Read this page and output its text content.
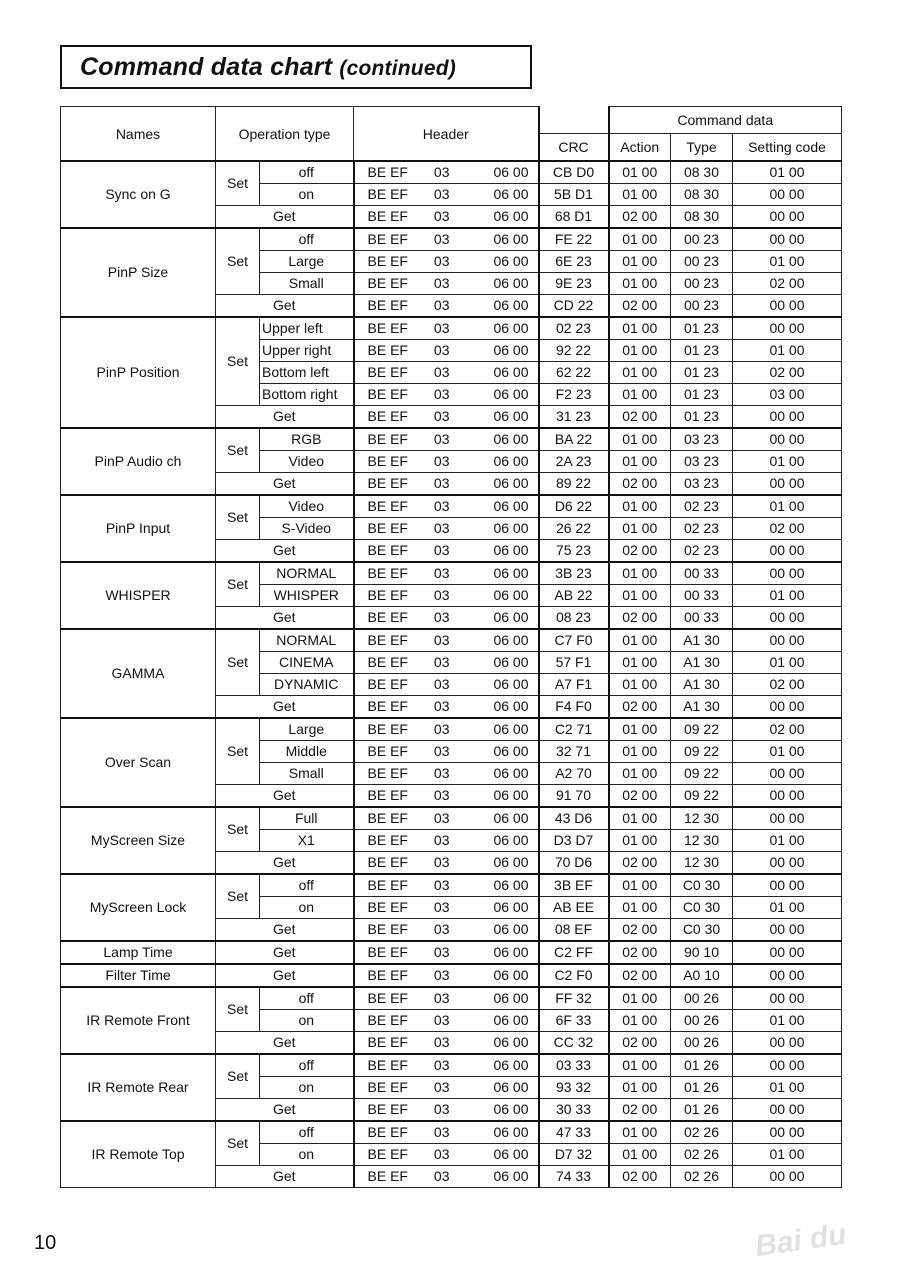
Command data chart (continued)
Names	Operation type		Header		Command data		
				CRC	Action	Type	Setting code
Sync on G	Set	off	BE EF 03 06 00	CB D0	01 00	08 30	01 00
		on	BE EF 03 06 00	5B D1	01 00	08 30	00 00
	Get		BE EF 03 06 00	68 D1	02 00	08 30	00 00
PinP Size	Set	off	BE EF 03 06 00	FE 22	01 00	00 23	00 00
		Large	BE EF 03 06 00	6E 23	01 00	00 23	01 00
		Small	BE EF 03 06 00	9E 23	01 00	00 23	02 00
	Get		BE EF 03 06 00	CD 22	02 00	00 23	00 00
PinP Position	Set	Upper left	BE EF 03 06 00	02 23	01 00	01 23	00 00
		Upper right	BE EF 03 06 00	92 22	01 00	01 23	01 00
		Bottom left	BE EF 03 06 00	62 22	01 00	01 23	02 00
		Bottom right	BE EF 03 06 00	F2 23	01 00	01 23	03 00
	Get		BE EF 03 06 00	31 23	02 00	01 23	00 00
PinP Audio ch	Set	RGB	BE EF 03 06 00	BA 22	01 00	03 23	00 00
		Video	BE EF 03 06 00	2A 23	01 00	03 23	01 00
	Get		BE EF 03 06 00	89 22	02 00	03 23	00 00
PinP Input	Set	Video	BE EF 03 06 00	D6 22	01 00	02 23	01 00
		S-Video	BE EF 03 06 00	26 22	01 00	02 23	02 00
	Get		BE EF 03 06 00	75 23	02 00	02 23	00 00
WHISPER	Set	NORMAL	BE EF 03 06 00	3B 23	01 00	00 33	00 00
		WHISPER	BE EF 03 06 00	AB 22	01 00	00 33	01 00
	Get		BE EF 03 06 00	08 23	02 00	00 33	00 00
GAMMA	Set	NORMAL	BE EF 03 06 00	C7 F0	01 00	A1 30	00 00
		CINEMA	BE EF 03 06 00	57 F1	01 00	A1 30	01 00
		DYNAMIC	BE EF 03 06 00	A7 F1	01 00	A1 30	02 00
	Get		BE EF 03 06 00	F4 F0	02 00	A1 30	00 00
Over Scan	Set	Large	BE EF 03 06 00	C2 71	01 00	09 22	02 00
		Middle	BE EF 03 06 00	32 71	01 00	09 22	01 00
		Small	BE EF 03 06 00	A2 70	01 00	09 22	00 00
	Get		BE EF 03 06 00	91 70	02 00	09 22	00 00
MyScreen Size	Set	Full	BE EF 03 06 00	43 D6	01 00	12 30	00 00
		X1	BE EF 03 06 00	D3 D7	01 00	12 30	01 00
	Get		BE EF 03 06 00	70 D6	02 00	12 30	00 00
MyScreen Lock	Set	off	BE EF 03 06 00	3B EF	01 00	C0 30	00 00
		on	BE EF 03 06 00	AB EE	01 00	C0 30	01 00
	Get		BE EF 03 06 00	08 EF	02 00	C0 30	00 00
Lamp Time	Get		BE EF 03 06 00	C2 FF	02 00	90 10	00 00
Filter Time	Get		BE EF 03 06 00	C2 F0	02 00	A0 10	00 00
IR Remote Front	Set	off	BE EF 03 06 00	FF 32	01 00	00 26	00 00
		on	BE EF 03 06 00	6F 33	01 00	00 26	01 00
	Get		BE EF 03 06 00	CC 32	02 00	00 26	00 00
IR Remote Rear	Set	off	BE EF 03 06 00	03 33	01 00	01 26	00 00
		on	BE EF 03 06 00	93 32	01 00	01 26	01 00
	Get		BE EF 03 06 00	30 33	02 00	01 26	00 00
IR Remote Top	Set	off	BE EF 03 06 00	47 33	01 00	02 26	00 00
		on	BE EF 03 06 00	D7 32	01 00	02 26	01 00
	Get		BE EF 03 06 00	74 33	02 00	02 26	00 00
10	Bai du
